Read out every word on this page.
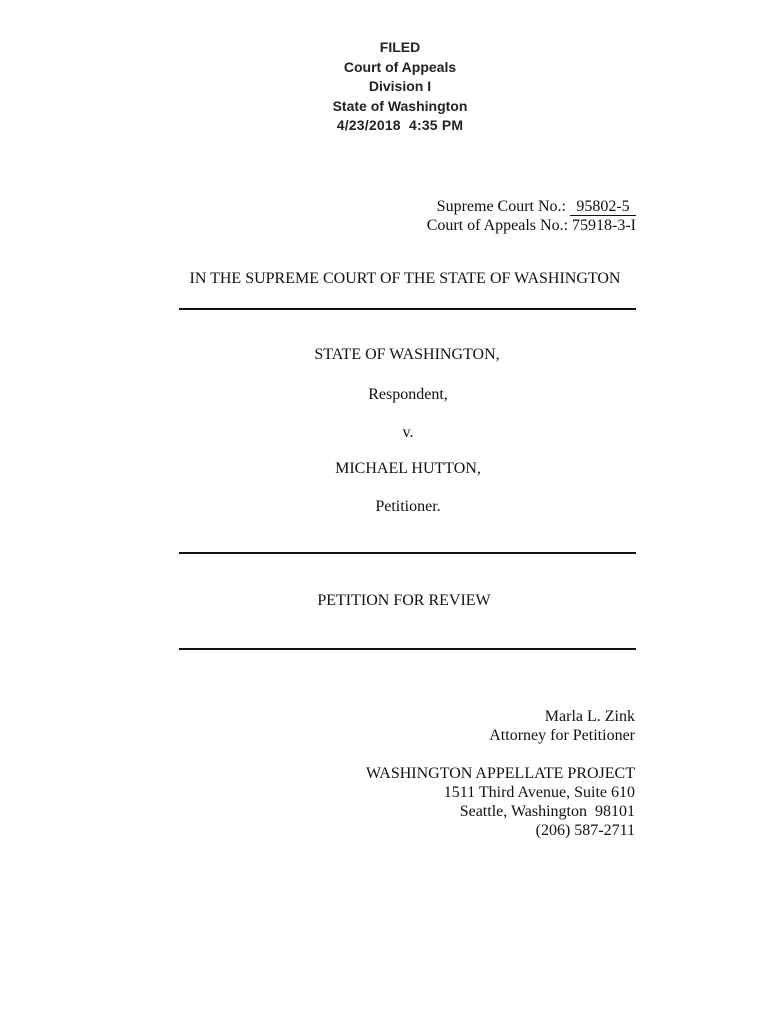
FILED
Court of Appeals
Division I
State of Washington
4/23/2018  4:35 PM
Supreme Court No.: 95802-5
Court of Appeals No.: 75918-3-I
IN THE SUPREME COURT OF THE STATE OF WASHINGTON
STATE OF WASHINGTON,
Respondent,
v.
MICHAEL HUTTON,
Petitioner.
PETITION FOR REVIEW
Marla L. Zink
Attorney for Petitioner
WASHINGTON APPELLATE PROJECT
1511 Third Avenue, Suite 610
Seattle, Washington  98101
(206) 587-2711
